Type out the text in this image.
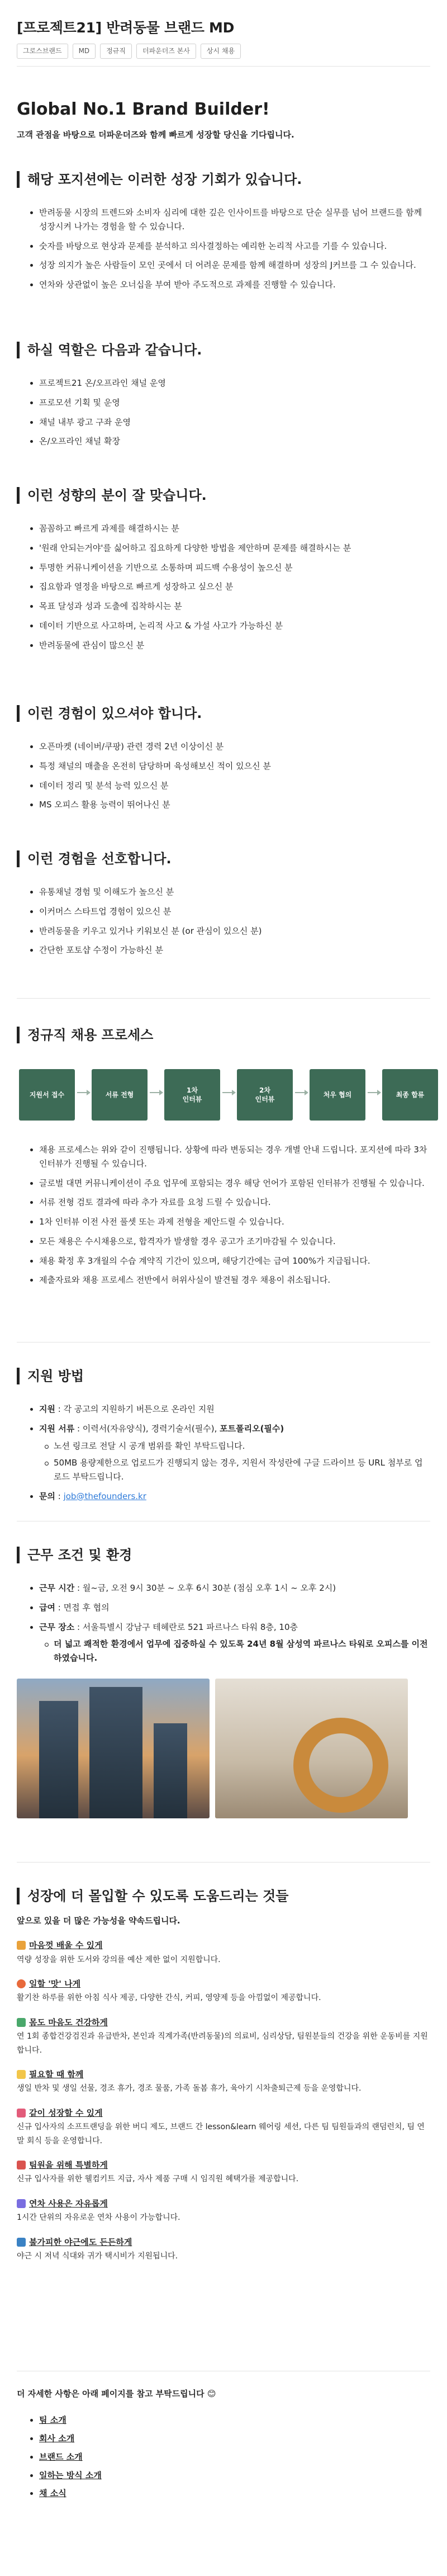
[프로젝트21] 반려동물 브랜드 MD
그로스브랜드	MD	정규직	더파운더즈 본사	상시 채용
Global No.1 Brand Builder!
고객 관점을 바탕으로 더파운더즈와 함께 빠르게 성장할 당신을 기다립니다.
해당 포지션에는 이러한 성장 기회가 있습니다.
반려동물 시장의 트렌드와 소비자 심리에 대한 깊은 인사이트를 바탕으로 단순 실무를 넘어 브랜드를 함께 성장시켜 나가는 경험을 할 수 있습니다.
숫자를 바탕으로 현상과 문제를 분석하고 의사결정하는 예리한 논리적 사고를 기를 수 있습니다.
성장 의지가 높은 사람들이 모인 곳에서 더 어려운 문제를 함께 해결하며 성장의 J커브를 그 수 있습니다.
연차와 상관없이 높은 오너십을 부여 받아 주도적으로 과제를 진행할 수 있습니다.
하실 역할은 다음과 같습니다.
프로젝트21 온/오프라인 채널 운영
프로모션 기획 및 운영
채널 내부 광고 구좌 운영
온/오프라인 채널 확장
이런 성향의 분이 잘 맞습니다.
꼼꼼하고 빠르게 과제를 해결하시는 분
'원래 안되는거야'를 싫어하고 집요하게 다양한 방법을 제안하며 문제를 해결하시는 분
투명한 커뮤니케이션을 기반으로 소통하며 피드백 수용성이 높으신 분
집요함과 열정을 바탕으로 빠르게 성장하고 싶으신 분
목표 달성과 성과 도출에 집착하시는 분
데이터 기반으로 사고하며, 논리적 사고 & 가설 사고가 가능하신 분
반려동물에 관심이 많으신 분
이런 경험이 있으셔야 합니다.
오픈마켓 (네이버/쿠팡) 관련 경력 2년 이상이신 분
특정 채널의 매출을 온전히 담당하며 육성해보신 적이 있으신 분
데이터 정리 및 분석 능력 있으신 분
MS 오피스 활용 능력이 뛰어나신 분
이런 경험을 선호합니다.
유통채널 경험 및 이해도가 높으신 분
이커머스 스타트업 경험이 있으신 분
반려동물을 키우고 있거나 키워보신 분 (or 관심이 있으신 분)
간단한 포토샵 수정이 가능하신 분
정규직 채용 프로세스
지원서 접수	서류 전형
1차
인터뷰
2차
인터뷰
처우 협의	최종 합류
채용 프로세스는 위와 같이 진행됩니다. 상황에 따라 변동되는 경우 개별 안내 드립니다. 포지션에 따라 3차 인터뷰가 진행될 수 있습니다.
글로벌 대면 커뮤니케이션이 주요 업무에 포함되는 경우 해당 언어가 포함된 인터뷰가 진행될 수 있습니다.
서류 전형 검토 결과에 따라 추가 자료를 요청 드릴 수 있습니다.
1차 인터뷰 이전 사전 풀셋 또는 과제 전형을 제안드릴 수 있습니다.
모든 채용은 수시채용으로, 합격자가 발생할 경우 공고가 조기마감될 수 있습니다.
채용 확정 후 3개월의 수습 계약직 기간이 있으며, 해당기간에는 급여 100%가 지급됩니다.
제출자료와 채용 프로세스 전반에서 허위사실이 발견될 경우 채용이 취소됩니다.
지원 방법
지원 : 각 공고의 지원하기 버튼으로 온라인 지원
지원 서류 : 이력서(자유양식), 경력기술서(필수), 포트폴리오(필수)
노션 링크로 전달 시 공개 범위를 확인 부탁드립니다.
50MB 용량제한으로 업로드가 진행되지 않는 경우, 지원서 작성란에 구글 드라이브 등 URL 첨부로 업로드 부탁드립니다.
문의 : job@thefounders.kr
근무 조건 및 환경
근무 시간 : 월~금, 오전 9시 30분 ~ 오후 6시 30분 (점심 오후 1시 ~ 오후 2시)
급여 : 면접 후 협의
근무 장소 : 서울특별시 강남구 테헤란로 521 파르나스 타워 8층, 10층
더 넓고 쾌적한 환경에서 업무에 집중하실 수 있도록 24년 8월 삼성역 파르나스 타워로 오피스를 이전하였습니다.
성장에 더 몰입할 수 있도록 도움드리는 것들
앞으로 있을 더 많은 가능성을 약속드립니다.
마음껏 배울 수 있게
역량 성장을 위한 도서와 강의를 예산 제한 없이 지원합니다.
일할 '맛' 나게
활기찬 하루를 위한 아침 식사 제공, 다양한 간식, 커피, 영양제 등을 아낌없이 제공합니다.
몸도 마음도 건강하게
연 1회 종합건강검진과 유급반차, 본인과 직계가족(반려동물)의 의료비, 심리상담, 팀원분들의 건강을 위한 운동비를 지원합니다.
필요할 때 함께
생일 반차 및 생일 선물, 경조 휴가, 경조 물품, 가족 돌봄 휴가, 육아기 시차출퇴근제 등을 운영합니다.
같이 성장할 수 있게
신규 입사자의 소프트랜딩을 위한 버디 제도, 브랜드 간 lesson&learn 웨어링 세션, 다른 팀 팀원들과의 랜덤런치, 팀 연말 회식 등을 운영합니다.
팀원을 위해 특별하게
신규 입사자를 위한 웰컴키트 지급, 자사 제품 구매 시 임직원 혜택가를 제공합니다.
연차 사용은 자유롭게
1시간 단위의 자유로운 연차 사용이 가능합니다.
불가피한 야근에도 든든하게
야근 시 저녁 식대와 귀가 택시비가 지원됩니다.
더 자세한 사항은 아래 페이지를 참고 부탁드립니다 😊
팀 소개
회사 소개
브랜드 소개
일하는 방식 소개
채 소식
